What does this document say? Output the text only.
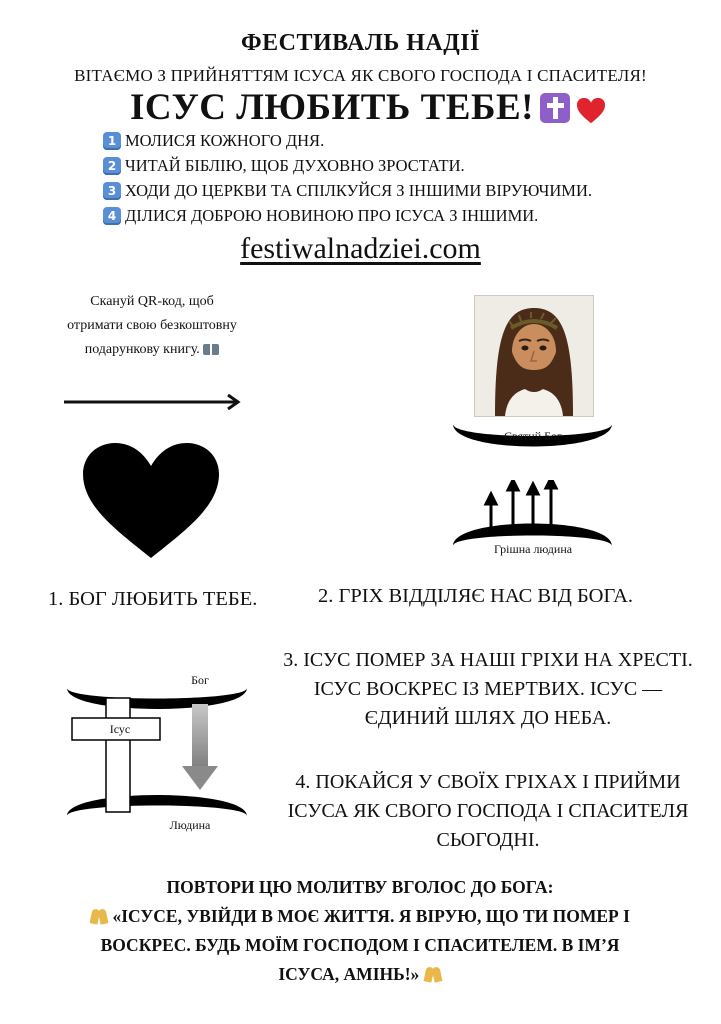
ФЕСТИВАЛЬ НАДІЇ
ВІТАЄМО З ПРИЙНЯТТЯМ ІСУСА ЯК СВОГО ГОСПОДА І СПАСИТЕЛЯ!
ІСУС ЛЮБИТЬ ТЕБЕ!
1 МОЛИСЯ КОЖНОГО ДНЯ.
2 ЧИТАЙ БІБЛІЮ, ЩОБ ДУХОВНО ЗРОСТАТИ.
3 ХОДИ ДО ЦЕРКВИ ТА СПІЛКУЙСЯ З ІНШИМИ ВІРУЮЧИМИ.
4 ДІЛИСЯ ДОБРОЮ НОВИНОЮ ПРО ІСУСА З ІНШИМИ.
festiwalnadziei.com
Скануй QR-код, щоб отримати свою безкоштовну подарункову книгу.
Святий Бог
Грішна людина
1. БОГ ЛЮБИТЬ ТЕБЕ.	2. ГРІХ ВІДДІЛЯЄ НАС ВІД БОГА.
Бог
Людина
Ісус
3. ІСУС ПОМЕР ЗА НАШІ ГРІХИ НА ХРЕСТІ. ІСУС ВОСКРЕС ІЗ МЕРТВИХ. ІСУС — ЄДИНИЙ ШЛЯХ ДО НЕБА.
4. ПОКАЙСЯ У СВОЇХ ГРІХАХ І ПРИЙМИ ІСУСА ЯК СВОГО ГОСПОДА І СПАСИТЕЛЯ СЬОГОДНІ.
ПОВТОРИ ЦЮ МОЛИТВУ ВГОЛОС ДО БОГА:
«ІСУСЕ, УВІЙДИ В МОЄ ЖИТТЯ. Я ВІРУЮ, ЩО ТИ ПОМЕР І ВОСКРЕС. БУДЬ МОЇМ ГОСПОДОМ І СПАСИТЕЛЕМ. В ІМ’Я ІСУСА, АМІНЬ!»
